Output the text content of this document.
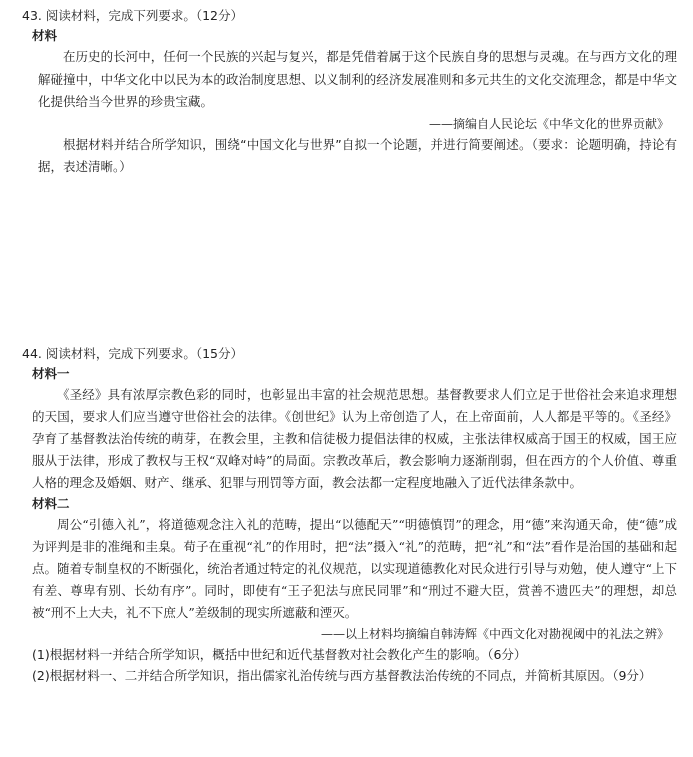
43. 阅读材料，完成下列要求。（12分）
材料
在历史的长河中，任何一个民族的兴起与复兴，都是凭借着属于这个民族自身的思想与灵魂。在与西方文化的理解碰撞中，中华文化中以民为本的政治制度思想、以义制利的经济发展准则和多元共生的文化交流理念，都是中华文化提供给当今世界的珍贵宝藏。
——摘编自人民论坛《中华文化的世界贡献》
根据材料并结合所学知识，围绕“中国文化与世界”自拟一个论题，并进行简要阐述。（要求：论题明确，持论有据，表述清晰。）
44. 阅读材料，完成下列要求。（15分）
材料一
《圣经》具有浓厚宗教色彩的同时，也彰显出丰富的社会规范思想。基督教要求人们立足于世俗社会来追求理想的天国，要求人们应当遵守世俗社会的法律。《创世纪》认为上帝创造了人，在上帝面前，人人都是平等的。《圣经》孕育了基督教法治传统的萌芽，在教会里，主教和信徒极力提倡法律的权威，主张法律权威高于国王的权威，国王应服从于法律，形成了教权与王权“双峰对峙”的局面。宗教改革后，教会影响力逐渐削弱，但在西方的个人价值、尊重人格的理念及婚姻、财产、继承、犯罪与刑罚等方面，教会法都一定程度地融入了近代法律条款中。
材料二
周公“引德入礼”，将道德观念注入礼的范畴，提出“以德配天”“明德慎罚”的理念，用“德”来沟通天命，使“德”成为评判是非的准绳和圭臬。荀子在重视“礼”的作用时，把“法”摄入“礼”的范畴，把“礼”和“法”看作是治国的基础和起点。随着专制皇权的不断强化，统治者通过特定的礼仪规范，以实现道德教化对民众进行引导与劝勉，使人遵守“上下有差、尊卑有别、长幼有序”。同时，即使有“王子犯法与庶民同罪”和“刑过不避大臣，赏善不遗匹夫”的理想，却总被“刑不上大夫，礼不下庶人”差级制的现实所遮蔽和湮灭。
——以上材料均摘编自韩涛辉《中西文化对勘视阈中的礼法之辨》
(1)根据材料一并结合所学知识，概括中世纪和近代基督教对社会教化产生的影响。（6分）
(2)根据材料一、二并结合所学知识，指出儒家礼治传统与西方基督教法治传统的不同点，并简析其原因。（9分）
